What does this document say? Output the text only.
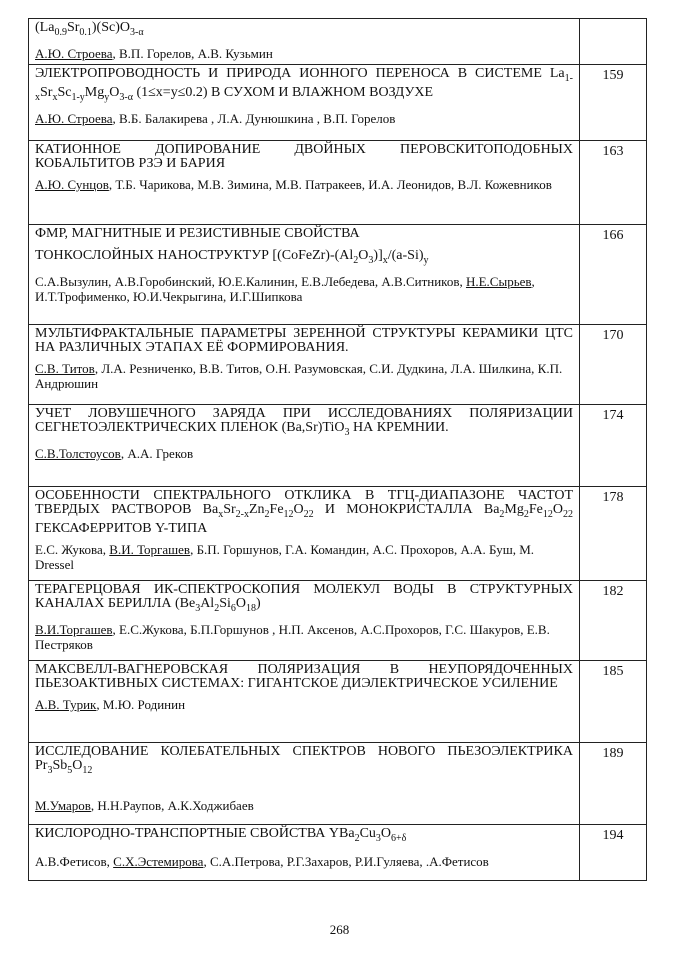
$(La_{0.9}Sr_{0.1})(Sc)O_{3-\alpha}$
А.Ю. Строева, В.П. Горелов, А.В. Кузьмин	

ЭЛЕКТРОПРОВОДНОСТЬ И ПРИРОДА ИОННОГО ПЕРЕНОСА В СИСТЕМЕ $La_{1-x}Sr_xSc_{1-y}Mg_yO_{3-\alpha}$ (1≤x=y≤0.2) В СУХОМ И ВЛАЖНОМ ВОЗДУХЕ
А.Ю. Строева, В.Б. Балакирева , Л.А. Дунюшкина , В.П. Горелов	159

КАТИОННОЕ ДОПИРОВАНИЕ ДВОЙНЫХ ПЕРОВСКИТОПОДОБНЫХ КОБАЛЬТИТОВ РЗЭ И БАРИЯ
А.Ю. Сунцов, Т.Б. Чарикова, М.В. Зимина, М.В. Патракеев, И.А. Леонидов, В.Л. Кожевников	163

ФМР, МАГНИТНЫЕ И РЕЗИСТИВНЫЕ СВОЙСТВА
ТОНКОСЛОЙНЫХ НАНОСТРУКТУР $[(CoFeZr)-(Al_2O_3)]_x/(a-Si)_y$
С.А.Вызулин, А.В.Горобинский, Ю.Е.Калинин, Е.В.Лебедева, А.В.Ситников, Н.Е.Сырьев, И.Т.Трофименко, Ю.И.Чекрыгина, И.Г.Шипкова	166

МУЛЬТИФРАКТАЛЬНЫЕ ПАРАМЕТРЫ ЗЕРЕННОЙ СТРУКТУРЫ КЕРАМИКИ ЦТС НА РАЗЛИЧНЫХ ЭТАПАХ ЕЁ ФОРМИРОВАНИЯ.
С.В. Титов, Л.А. Резниченко, В.В. Титов, О.Н. Разумовская, С.И. Дудкина, Л.А. Шилкина, К.П. Андрюшин	170

УЧЕТ ЛОВУШЕЧНОГО ЗАРЯДА ПРИ ИССЛЕДОВАНИЯХ ПОЛЯРИЗАЦИИ СЕГНЕТОЭЛЕКТРИЧЕСКИХ ПЛЕНОК (Ba,Sr)TiO$_3$ НА КРЕМНИИ.
С.В.Толстоусов, А.А. Греков	174

ОСОБЕННОСТИ СПЕКТРАЛЬНОГО ОТКЛИКА В ТГЦ-ДИАПАЗОНЕ ЧАСТОТ ТВЕРДЫХ РАСТВОРОВ $Ba_xSr_{2-x}Zn_2Fe_{12}O_{22}$ И МОНОКРИСТАЛЛА $Ba_2Mg_2Fe_{12}O_{22}$ ГЕКСАФЕРРИТОВ Y-ТИПА
Е.С. Жукова, В.И. Торгашев, Б.П. Горшунов, Г.А. Командин, А.С. Прохоров, А.А. Буш, M. Dressel	178

ТЕРАГЕРЦОВАЯ ИК-СПЕКТРОСКОПИЯ МОЛЕКУЛ ВОДЫ В СТРУКТУРНЫХ КАНАЛАХ БЕРИЛЛА $(Be_3Al_2Si_6O_{18})$
В.И.Торгашев, Е.С.Жукова, Б.П.Горшунов , Н.П. Аксенов, А.С.Прохоров, Г.С. Шакуров, Е.В. Пестряков	182

МАКСВЕЛЛ-ВАГНЕРОВСКАЯ ПОЛЯРИЗАЦИЯ В НЕУПОРЯДОЧЕННЫХ ПЬЕЗОАКТИВНЫХ СИСТЕМАХ: ГИГАНТСКОЕ ДИЭЛЕКТРИЧЕСКОЕ УСИЛЕНИЕ
А.В. Турик, М.Ю. Родинин	185

ИССЛЕДОВАНИЕ КОЛЕБАТЕЛЬНЫХ СПЕКТРОВ НОВОГО ПЬЕЗОЭЛЕКТРИКА $Pr_3Sb_5O_{12}$
М.Умаров, Н.Н.Раупов, А.К.Ходжибаев	189

КИСЛОРОДНО-ТРАНСПОРТНЫЕ СВОЙСТВА $YBa_2Cu_3O_{6+\delta}$
А.В.Фетисов, С.Х.Эстемирова, С.А.Петрова, Р.Г.Захаров, Р.И.Гуляева, .А.Фетисов	194
268
